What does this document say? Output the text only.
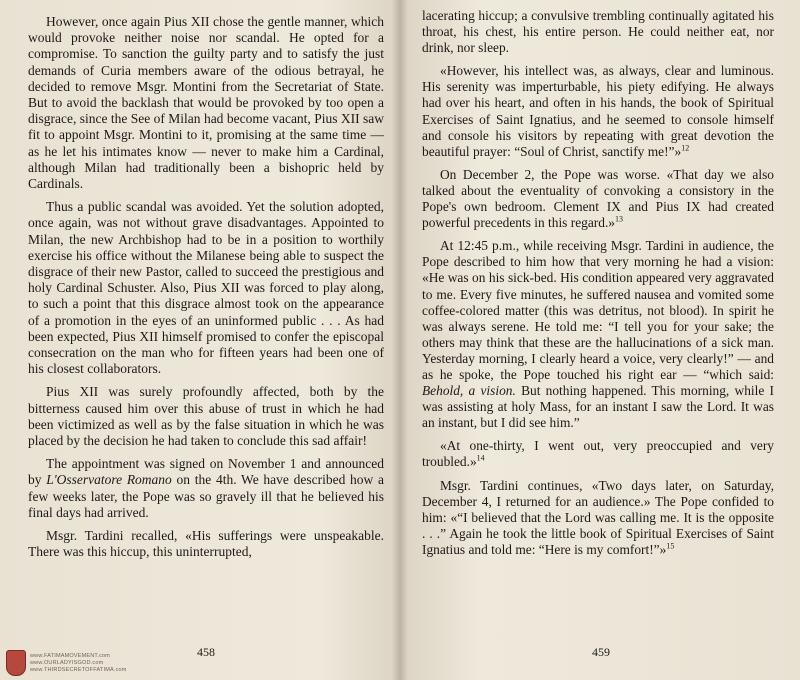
However, once again Pius XII chose the gentle manner, which would provoke neither noise nor scandal. He opted for a compromise. To sanction the guilty party and to satisfy the just demands of Curia members aware of the odious betrayal, he decided to remove Msgr. Montini from the Secretariat of State. But to avoid the backlash that would be provoked by too open a disgrace, since the See of Milan had become vacant, Pius XII saw fit to appoint Msgr. Montini to it, promising at the same time — as he let his intimates know — never to make him a Cardinal, although Milan had traditionally been a bishopric held by Cardinals.

Thus a public scandal was avoided. Yet the solution adopted, once again, was not without grave disadvantages. Appointed to Milan, the new Archbishop had to be in a position to worthily exercise his office without the Milanese being able to suspect the disgrace of their new Pastor, called to succeed the prestigious and holy Cardinal Schuster. Also, Pius XII was forced to play along, to such a point that this disgrace almost took on the appearance of a promotion in the eyes of an uninformed public . . . As had been expected, Pius XII himself promised to confer the episcopal consecration on the man who for fifteen years had been one of his closest collaborators.

Pius XII was surely profoundly affected, both by the bitterness caused him over this abuse of trust in which he had been victimized as well as by the false situation in which he was placed by the decision he had taken to conclude this sad affair!

The appointment was signed on November 1 and announced by L'Osservatore Romano on the 4th. We have described how a few weeks later, the Pope was so gravely ill that he believed his final days had arrived.

Msgr. Tardini recalled, «His sufferings were unspeakable. There was this hiccup, this uninterrupted,

458

lacerating hiccup; a convulsive trembling continually agitated his throat, his chest, his entire person. He could neither eat, nor drink, nor sleep.

«However, his intellect was, as always, clear and luminous. His serenity was imperturbable, his piety edifying. He always had over his heart, and often in his hands, the book of Spiritual Exercises of Saint Ignatius, and he seemed to console himself and console his visitors by repeating with great devotion the beautiful prayer: “Soul of Christ, sanctify me!”»$^{12}$

On December 2, the Pope was worse. «That day we also talked about the eventuality of convoking a consistory in the Pope's own bedroom. Clement IX and Pius IX had created powerful precedents in this regard.»$^{13}$

At 12:45 p.m., while receiving Msgr. Tardini in audience, the Pope described to him how that very morning he had a vision: «He was on his sick-bed. His condition appeared very aggravated to me. Every five minutes, he suffered nausea and vomited some coffee-colored matter (this was detritus, not blood). In spirit he was always serene. He told me: “I tell you for your sake; the others may think that these are the hallucinations of a sick man. Yesterday morning, I clearly heard a voice, very clearly!” — and as he spoke, the Pope touched his right ear — “which said: Behold, a vision. But nothing happened. This morning, while I was assisting at holy Mass, for an instant I saw the Lord. It was an instant, but I did see him.”

«At one-thirty, I went out, very preoccupied and very troubled.»$^{14}$

Msgr. Tardini continues, «Two days later, on Saturday, December 4, I returned for an audience.» The Pope confided to him: «“I believed that the Lord was calling me. It is the opposite . . .” Again he took the little book of Spiritual Exercises of Saint Ignatius and told me: “Here is my comfort!”»$^{15}$

459
www.FATIMAMOVEMENT.com
www.OURLADYISGOD.com
www.THIRDSECRETOFFATIMA.com
